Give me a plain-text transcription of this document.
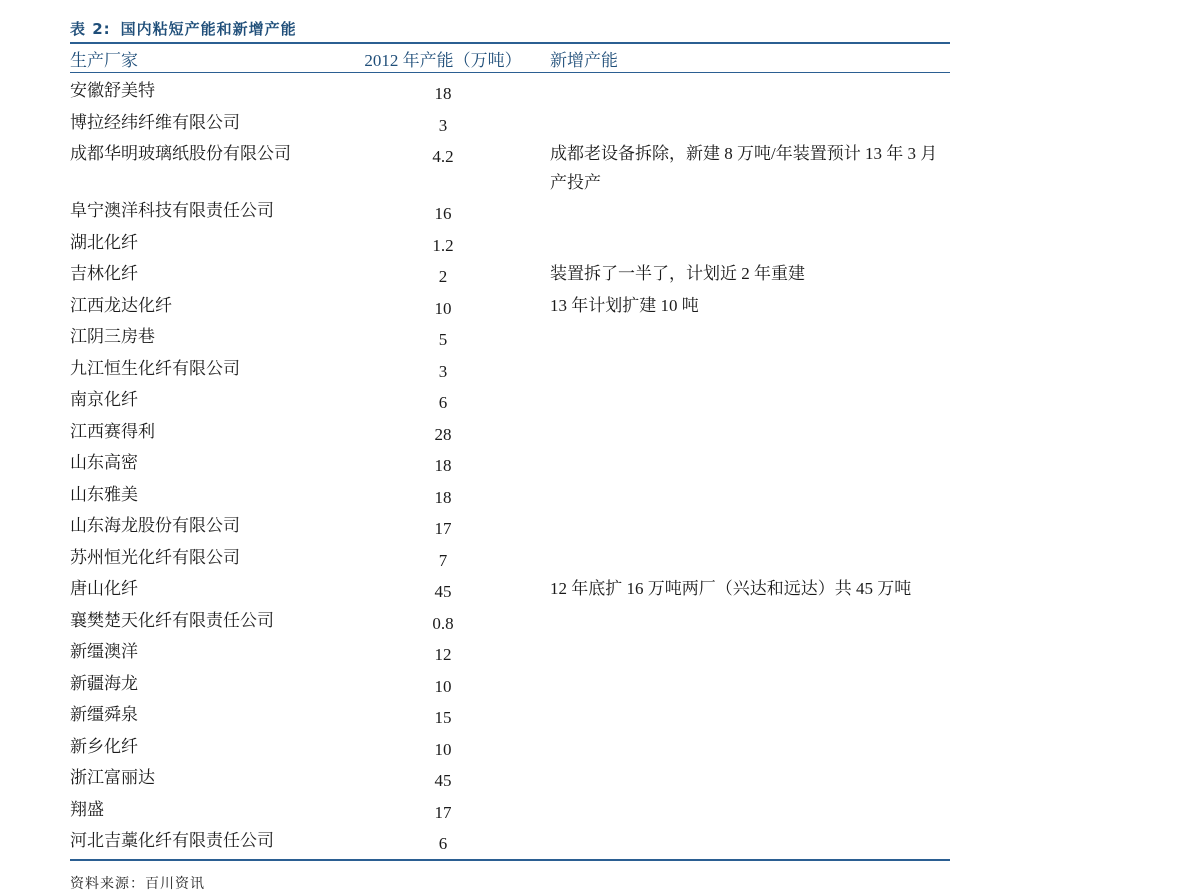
表 2: 国内粘短产能和新增产能
生产厂家	2012 年产能（万吨）	新增产能
安徽舒美特	18
博拉经纬纤维有限公司	3
成都华明玻璃纸股份有限公司	4.2	成都老设备拆除，新建 8 万吨/年装置预计 13 年 3 月产投产
阜宁澳洋科技有限责任公司	16
湖北化纤	1.2
吉林化纤	2	装置拆了一半了，计划近 2 年重建
江西龙达化纤	10	13 年计划扩建 10 吨
江阴三房巷	5
九江恒生化纤有限公司	3
南京化纤	6
江西赛得利	28
山东高密	18
山东雅美	18
山东海龙股份有限公司	17
苏州恒光化纤有限公司	7
唐山化纤	45	12 年底扩 16 万吨两厂（兴达和远达）共 45 万吨
襄樊楚天化纤有限责任公司	0.8
新缰澳洋	12
新疆海龙	10
新缰舜泉	15
新乡化纤	10
浙江富丽达	45
翔盛	17
河北吉藁化纤有限责任公司	6
资料来源：百川资讯
